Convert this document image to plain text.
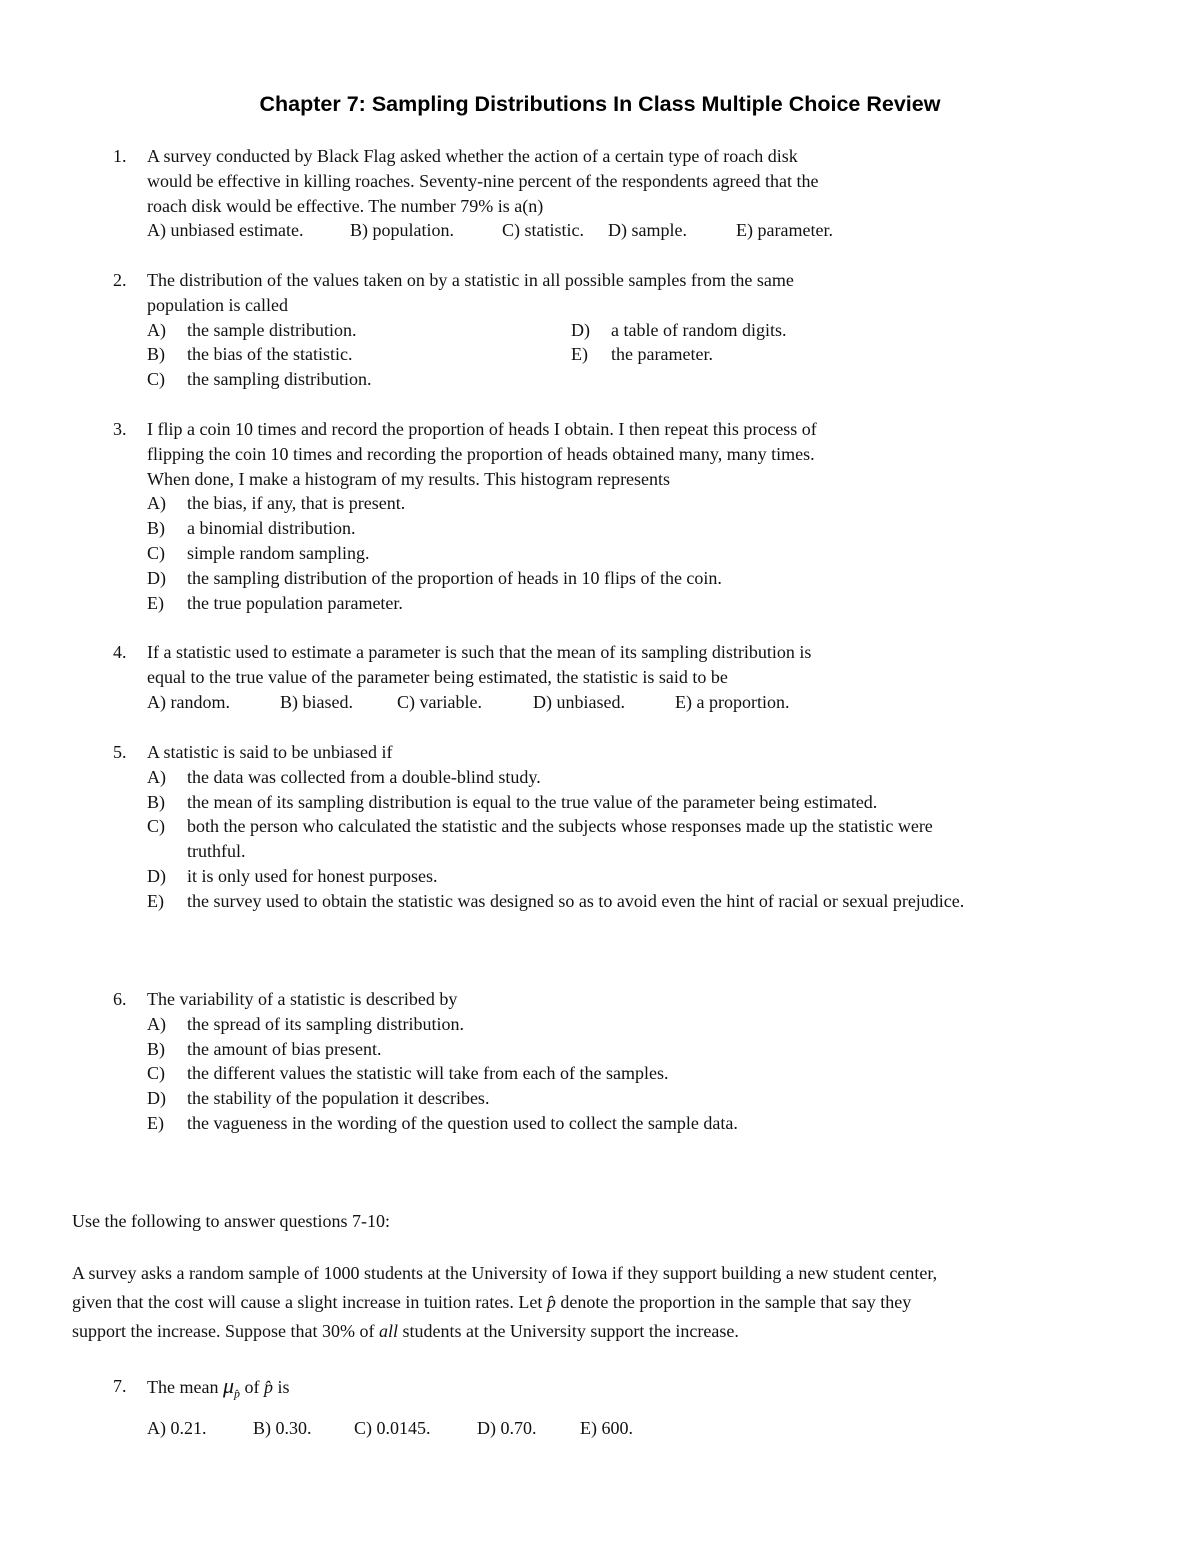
Chapter 7: Sampling Distributions In Class Multiple Choice Review
1.	A survey conducted by Black Flag asked whether the action of a certain type of roach disk
would be effective in killing roaches. Seventy-nine percent of the respondents agreed that the
roach disk would be effective. The number 79% is a(n)
A) unbiased estimate.	B) population.	C) statistic. D) sample.	E) parameter.
2.	The distribution of the values taken on by a statistic in all possible samples from the same
population is called
A)	the sample distribution.	D)	a table of random digits.
B)	the bias of the statistic.	E)	the parameter.
C)	the sampling distribution.
3.	I flip a coin 10 times and record the proportion of heads I obtain. I then repeat this process of
flipping the coin 10 times and recording the proportion of heads obtained many, many times.
When done, I make a histogram of my results. This histogram represents
A)	the bias, if any, that is present.
B)	a binomial distribution.
C)	simple random sampling.
D)	the sampling distribution of the proportion of heads in 10 flips of the coin.
E)	the true population parameter.
4.	If a statistic used to estimate a parameter is such that the mean of its sampling distribution is
equal to the true value of the parameter being estimated, the statistic is said to be
A) random.	B) biased. C) variable.	D) unbiased.	E) a proportion.
5.	A statistic is said to be unbiased if
A)	the data was collected from a double-blind study.
B)	the mean of its sampling distribution is equal to the true value of the parameter being estimated.
C)	both the person who calculated the statistic and the subjects whose responses made up the statistic were truthful.
D)	it is only used for honest purposes.
E)	the survey used to obtain the statistic was designed so as to avoid even the hint of racial or sexual prejudice.
6.	The variability of a statistic is described by
A)	the spread of its sampling distribution.
B)	the amount of bias present.
C)	the different values the statistic will take from each of the samples.
D)	the stability of the population it describes.
E)	the vagueness in the wording of the question used to collect the sample data.
Use the following to answer questions 7-10:
A survey asks a random sample of 1000 students at the University of Iowa if they support building a new student center,
given that the cost will cause a slight increase in tuition rates. Let p̂ denote the proportion in the sample that say they
support the increase. Suppose that 30% of all students at the University support the increase.
7.	The mean $\mu_{p̂}$ of p̂ is
A) 0.21.	B) 0.30. C) 0.0145.	D) 0.70. E) 600.
